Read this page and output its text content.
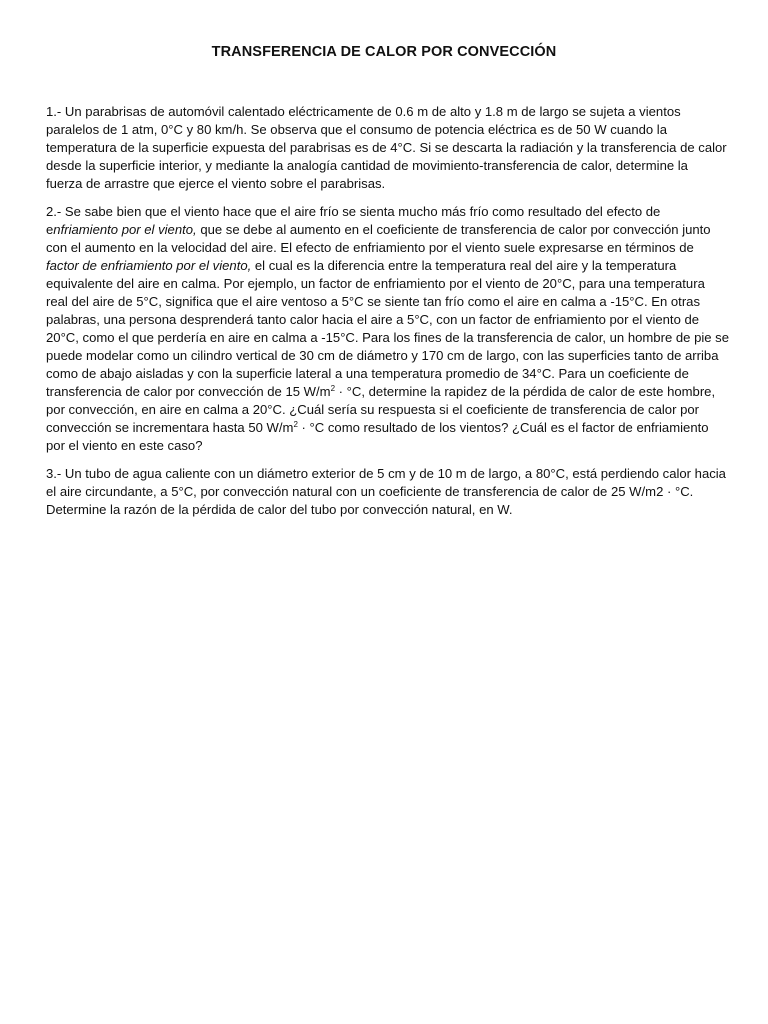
TRANSFERENCIA DE CALOR POR CONVECCIÓN
1.- Un parabrisas de automóvil calentado eléctricamente de 0.6 m de alto y 1.8 m de largo se sujeta a vientos
paralelos de 1 atm, 0°C y 80 km/h. Se observa que el consumo de potencia eléctrica es de 50 W cuando la
temperatura de la superficie expuesta del parabrisas es de 4°C. Si se descarta la radiación y la transferencia de calor
desde la superficie interior, y mediante la analogía cantidad de movimiento-transferencia de calor, determine la
fuerza de arrastre que ejerce el viento sobre el parabrisas.
2.- Se sabe bien que el viento hace que el aire frío se sienta mucho más frío como resultado del efecto de
enfriamiento por el viento, que se debe al aumento en el coeficiente de transferencia de calor por convección junto
con el aumento en la velocidad del aire. El efecto de enfriamiento por el viento suele expresarse en términos de
factor de enfriamiento por el viento, el cual es la diferencia entre la temperatura real del aire y la temperatura
equivalente del aire en calma. Por ejemplo, un factor de enfriamiento por el viento de 20°C, para una temperatura
real del aire de 5°C, significa que el aire ventoso a 5°C se siente tan frío como el aire en calma a -15°C. En otras
palabras, una persona desprenderá tanto calor hacia el aire a 5°C, con un factor de enfriamiento por el viento de
20°C, como el que perdería en aire en calma a -15°C. Para los fines de la transferencia de calor, un hombre de pie se
puede modelar como un cilindro vertical de 30 cm de diámetro y 170 cm de largo, con las superficies tanto de arriba
como de abajo aisladas y con la superficie lateral a una temperatura promedio de 34°C. Para un coeficiente de
transferencia de calor por convección de 15 $W/m^2 \cdot ^\circ C$, determine la rapidez de la pérdida de calor de este hombre,
por convección, en aire en calma a 20°C. ¿Cuál sería su respuesta si el coeficiente de transferencia de calor por
convección se incrementara hasta 50 $W/m^2 \cdot ^\circ C$ como resultado de los vientos? ¿Cuál es el factor de enfriamiento
por el viento en este caso?
3.- Un tubo de agua caliente con un diámetro exterior de 5 cm y de 10 m de largo, a 80°C, está perdiendo calor hacia
el aire circundante, a 5°C, por convección natural con un coeficiente de transferencia de calor de 25 W/m2 · °C.
Determine la razón de la pérdida de calor del tubo por convección natural, en W.
